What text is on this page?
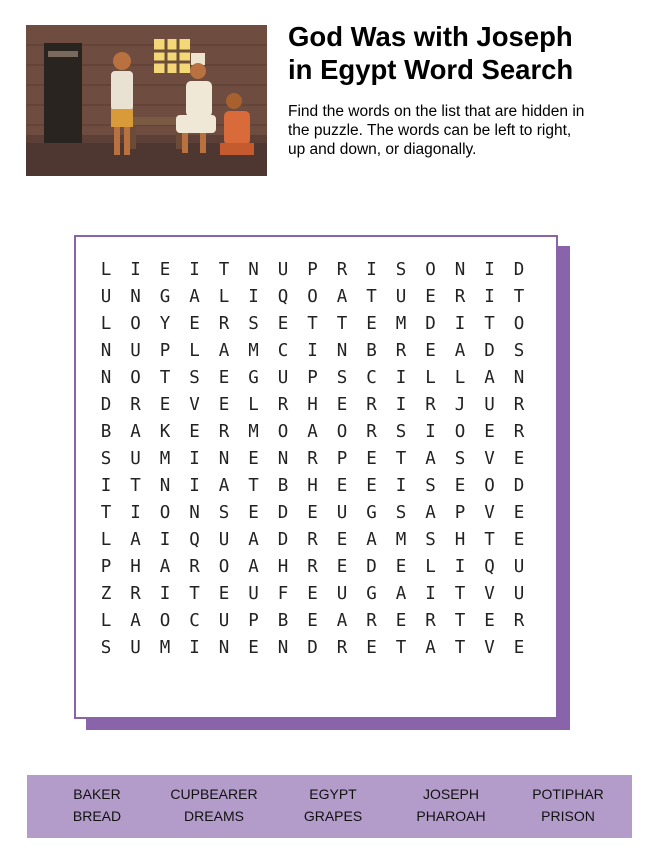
God Was with Joseph
in Egypt Word Search

Find the words on the list that are hidden in
the puzzle. The words can be left to right,
up and down, or diagonally.

L	I	E	I	T	N	U	P	R	I	S	O	N	I	D
U	N	G	A	L	I	Q	O	A	T	U	E	R	I	T
L	O	Y	E	R	S	E	T	T	E	M	D	I	T	O
N	U	P	L	A	M	C	I	N	B	R	E	A	D	S
N	O	T	S	E	G	U	P	S	C	I	L	L	A	N
D	R	E	V	E	L	R	H	E	R	I	R	J	U	R
B	A	K	E	R	M	O	A	O	R	S	I	O	E	R
S	U	M	I	N	E	N	R	P	E	T	A	S	V	E
I	T	N	I	A	T	B	H	E	E	I	S	E	O	D
T	I	O	N	S	E	D	E	U	G	S	A	P	V	E
L	A	I	Q	U	A	D	R	E	A	M	S	H	T	E
P	H	A	R	O	A	H	R	E	D	E	L	I	Q	U
Z	R	I	T	E	U	F	E	U	G	A	I	T	V	U
L	A	O	C	U	P	B	E	A	R	E	R	T	E	R
S	U	M	I	N	E	N	D	R	E	T	A	T	V	E
BAKER
BREAD
CUPBEARER
DREAMS
EGYPT
GRAPES
JOSEPH
PHAROAH
POTIPHAR
PRISON
